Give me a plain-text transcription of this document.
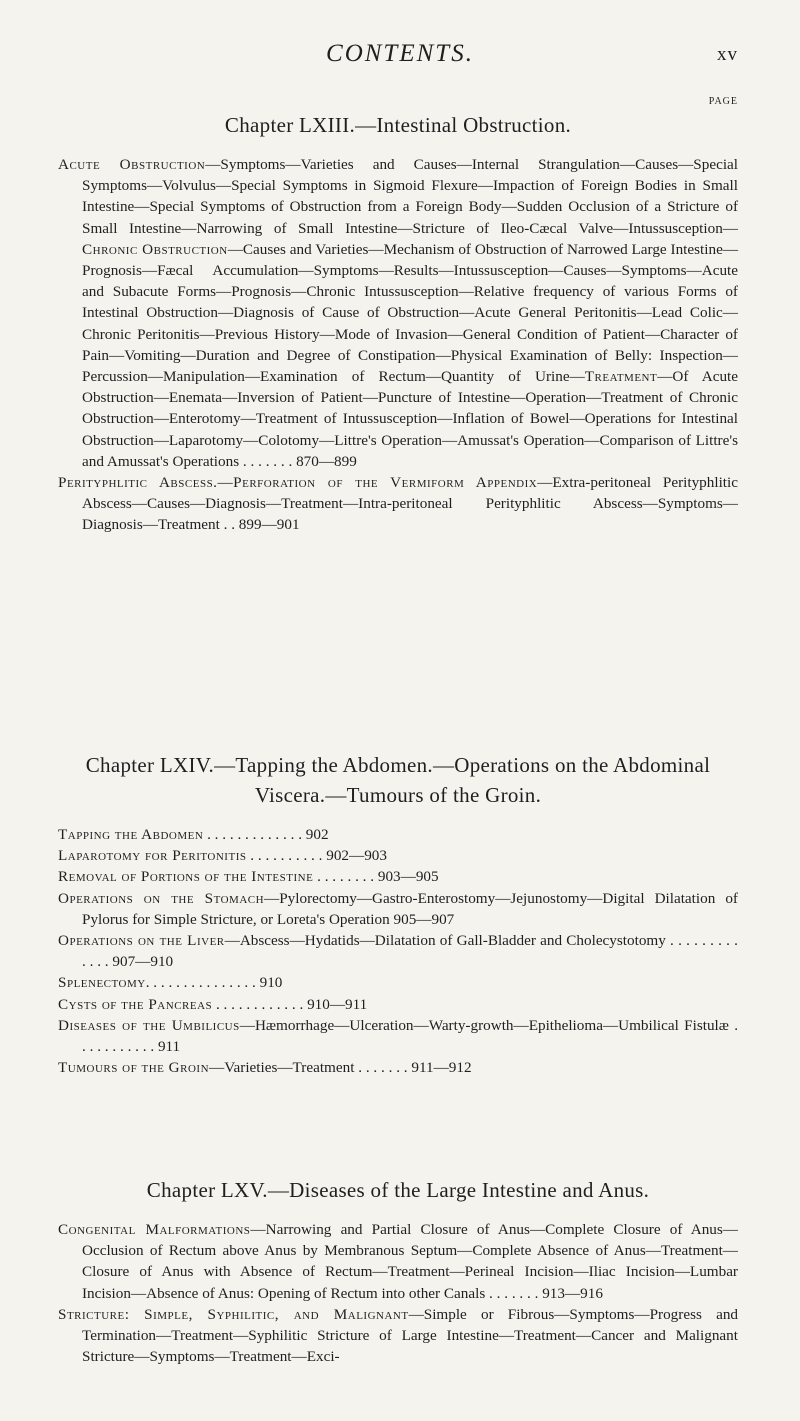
CONTENTS.	xv
PAGE
Chapter LXIII.—Intestinal Obstruction.

Acute Obstruction—Symptoms—Varieties and Causes—Internal Strangulation—Causes—Special Symptoms—Volvulus—Special Symptoms in Sigmoid Flexure—Impaction of Foreign Bodies in Small Intestine—Special Symptoms of Obstruction from a Foreign Body—Sudden Occlusion of a Stricture of Small Intestine—Narrowing of Small Intestine—Stricture of Ileo-Cæcal Valve—Intussusception—Chronic Obstruction—Causes and Varieties—Mechanism of Obstruction of Narrowed Large Intestine—Prognosis—Fæcal Accumulation—Symptoms—Results—Intussusception—Causes—Symptoms—Acute and Subacute Forms—Prognosis—Chronic Intussusception—Relative frequency of various Forms of Intestinal Obstruction—Diagnosis of Cause of Obstruction—Acute General Peritonitis—Lead Colic—Chronic Peritonitis—Previous History—Mode of Invasion—General Condition of Patient—Character of Pain—Vomiting—Duration and Degree of Constipation—Physical Examination of Belly: Inspection—Percussion—Manipulation—Examination of Rectum—Quantity of Urine—Treatment—Of Acute Obstruction—Enemata—Inversion of Patient—Puncture of Intestine—Operation—Treatment of Chronic Obstruction—Enterotomy—Treatment of Intussusception—Inflation of Bowel—Operations for Intestinal Obstruction—Laparotomy—Colotomy—Littre's Operation—Amussat's Operation—Comparison of Littre's and Amussat's Operations . . . . . . . 870—899

Perityphlitic Abscess.—Perforation of the Vermiform Appendix—Extra-peritoneal Perityphlitic Abscess—Causes—Diagnosis—Treatment—Intra-peritoneal Perityphlitic Abscess—Symptoms—Diagnosis—Treatment . . 899—901

Chapter LXIV.—Tapping the Abdomen.—Operations on the Abdominal Viscera.—Tumours of the Groin.

Tapping the Abdomen . . . . . . . . . . . . . 902

Laparotomy for Peritonitis . . . . . . . . . . 902—903

Removal of Portions of the Intestine . . . . . . . . 903—905

Operations on the Stomach—Pylorectomy—Gastro-Enterostomy—Jejunostomy—Digital Dilatation of Pylorus for Simple Stricture, or Loreta's Operation 905—907

Operations on the Liver—Abscess—Hydatids—Dilatation of Gall-Bladder and Cholecystotomy . . . . . . . . . . . . . 907—910

Splenectomy. . . . . . . . . . . . . . . 910

Cysts of the Pancreas . . . . . . . . . . . . 910—911

Diseases of the Umbilicus—Hæmorrhage—Ulceration—Warty-growth—Epithelioma—Umbilical Fistulæ . . . . . . . . . . . 911

Tumours of the Groin—Varieties—Treatment . . . . . . . 911—912

Chapter LXV.—Diseases of the Large Intestine and Anus.

Congenital Malformations—Narrowing and Partial Closure of Anus—Complete Closure of Anus—Occlusion of Rectum above Anus by Membranous Septum—Complete Absence of Anus—Treatment—Closure of Anus with Absence of Rectum—Treatment—Perineal Incision—Iliac Incision—Lumbar Incision—Absence of Anus: Opening of Rectum into other Canals . . . . . . . 913—916

Stricture: Simple, Syphilitic, and Malignant—Simple or Fibrous—Symptoms—Progress and Termination—Treatment—Syphilitic Stricture of Large Intestine—Treatment—Cancer and Malignant Stricture—Symptoms—Treatment—Exci-
